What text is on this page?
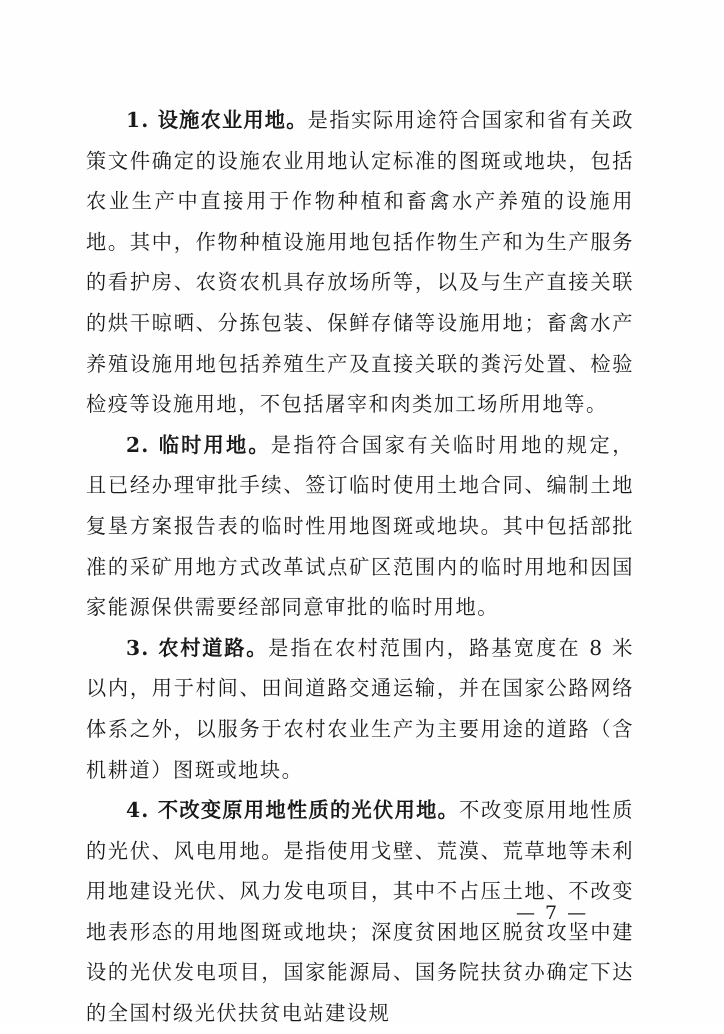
1. 设施农业用地。是指实际用途符合国家和省有关政策文件确定的设施农业用地认定标准的图斑或地块，包括农业生产中直接用于作物种植和畜禽水产养殖的设施用地。其中，作物种植设施用地包括作物生产和为生产服务的看护房、农资农机具存放场所等，以及与生产直接关联的烘干晾晒、分拣包装、保鲜存储等设施用地；畜禽水产养殖设施用地包括养殖生产及直接关联的粪污处置、检验检疫等设施用地，不包括屠宰和肉类加工场所用地等。

2. 临时用地。是指符合国家有关临时用地的规定，且已经办理审批手续、签订临时使用土地合同、编制土地复垦方案报告表的临时性用地图斑或地块。其中包括部批准的采矿用地方式改革试点矿区范围内的临时用地和因国家能源保供需要经部同意审批的临时用地。

3. 农村道路。是指在农村范围内，路基宽度在 8 米以内，用于村间、田间道路交通运输，并在国家公路网络体系之外，以服务于农村农业生产为主要用途的道路（含机耕道）图斑或地块。

4. 不改变原用地性质的光伏用地。不改变原用地性质的光伏、风电用地。是指使用戈壁、荒漠、荒草地等未利用地建设光伏、风力发电项目，其中不占压土地、不改变地表形态的用地图斑或地块；深度贫困地区脱贫攻坚中建设的光伏发电项目，国家能源局、国务院扶贫办确定下达的全国村级光伏扶贫电站建设规

— 7 —
